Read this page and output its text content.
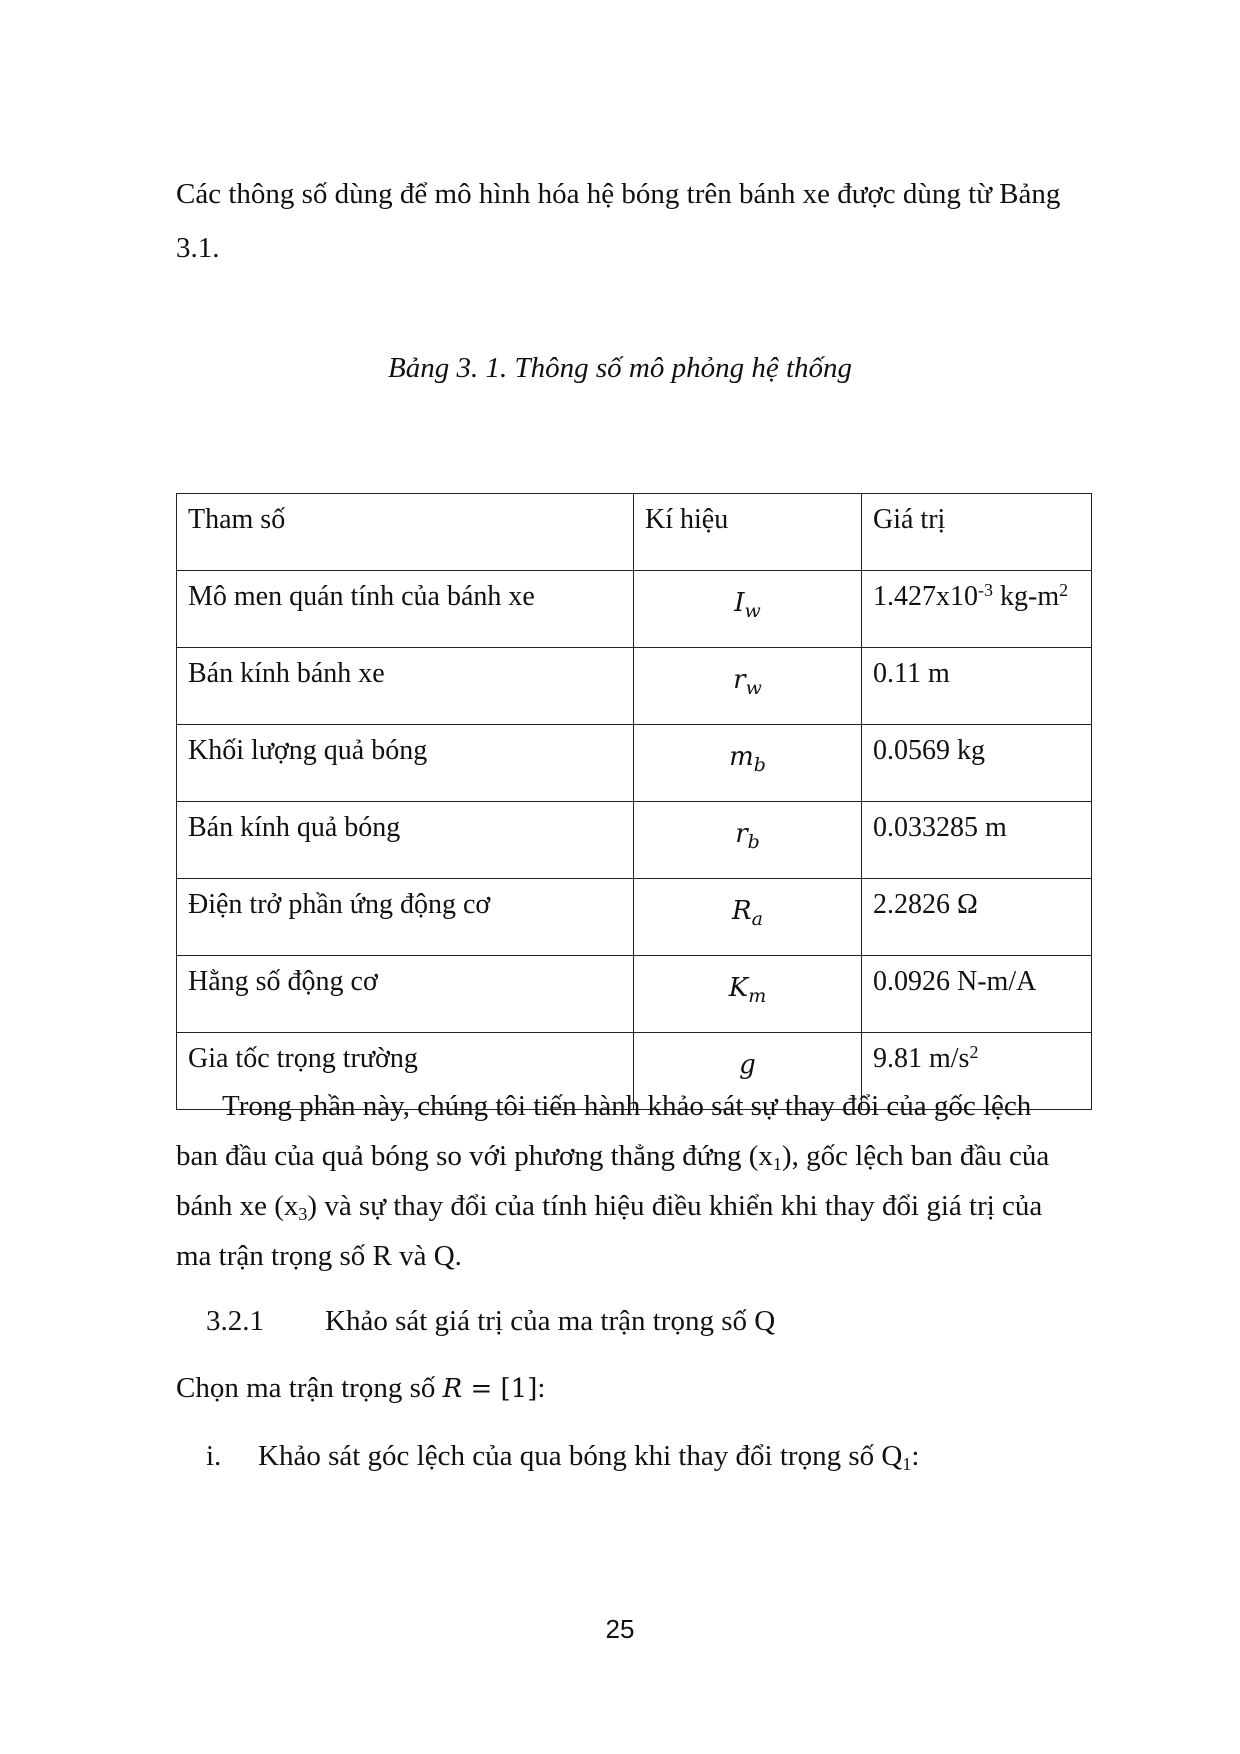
Các thông số dùng để mô hình hóa hệ bóng trên bánh xe được dùng từ Bảng
3.1.
Bảng 3. 1. Thông số mô phỏng hệ thống
Tham số	Kí hiệu	Giá trị
Mô men quán tính của bánh xe	$I_w$	$1.427x10^{-3}$ $kg-m^2$
Bán kính bánh xe	$r_w$	0.11 m
Khối lượng quả bóng	$m_b$	0.0569 kg
Bán kính quả bóng	$r_b$	0.033285 m
Điện trở phần ứng động cơ	$R_a$	2.2826 Ω
Hằng số động cơ	$K_m$	0.0926 N-m/A
Gia tốc trọng trường	g	9.81 $m/s^2$
Trong phần này, chúng tôi tiến hành khảo sát sự thay đổi của gốc lệch
ban đầu của quả bóng so với phương thẳng đứng $(x_1)$, gốc lệch ban đầu của
bánh xe $(x_3)$ và sự thay đổi của tính hiệu điều khiển khi thay đổi giá trị của
ma trận trọng số R và Q.
3.2.1 Khảo sát giá trị của ma trận trọng số Q
Chọn ma trận trọng số R = [1]:
i. Khảo sát góc lệch của qua bóng khi thay đổi trọng số $Q_1$:
25
